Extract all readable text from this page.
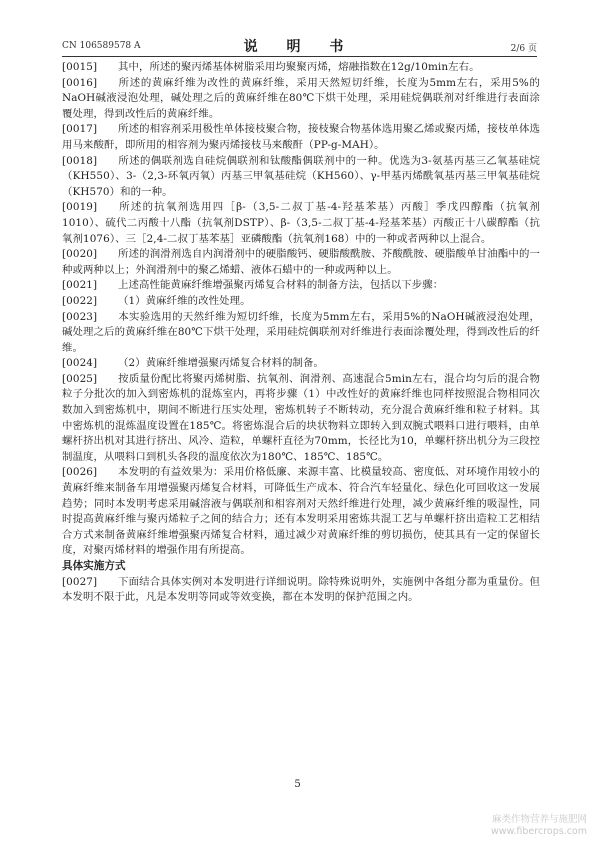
CN 106589578 A	说 明 书	2/6 页

[0015] 其中，所述的聚丙烯基体树脂采用均聚聚丙烯，熔融指数在12g/10min左右。

[0016] 所述的黄麻纤维为改性的黄麻纤维，采用天然短切纤维，长度为5mm左右，采用5%的NaOH碱液浸泡处理，碱处理之后的黄麻纤维在80℃下烘干处理，采用硅烷偶联剂对纤维进行表面涂覆处理，得到改性后的黄麻纤维。

[0017] 所述的相容剂采用极性单体接枝聚合物，接枝聚合物基体选用聚乙烯或聚丙烯，接枝单体选用马来酸酐，即所用的相容剂为聚丙烯接枝马来酸酐（PP-g-MAH）。

[0018] 所述的偶联剂选自硅烷偶联剂和钛酸酯偶联剂中的一种。优选为3-氨基丙基三乙氧基硅烷（KH550）、3-（2,3-环氧丙氧）丙基三甲氧基硅烷（KH560）、γ-甲基丙烯酰氧基丙基三甲氧基硅烷（KH570）和的一种。

[0019] 所述的抗氧剂选用四［β-（3,5-二叔丁基-4-羟基苯基）丙酸］季戊四醇酯（抗氧剂1010）、硫代二丙酸十八酯（抗氧剂DSTP）、β-（3,5-二叔丁基-4-羟基苯基）丙酸正十八碳醇酯（抗氧剂1076）、三［2,4-二叔丁基苯基］亚磷酸酯（抗氧剂168）中的一种或者两种以上混合。

[0020] 所述的润滑剂选自内润滑剂中的硬脂酸钙、硬脂酸酰胺、芥酸酰胺、硬脂酸单甘油酯中的一种或两种以上；外润滑剂中的聚乙烯蜡、液体石蜡中的一种或两种以上。

[0021] 上述高性能黄麻纤维增强聚丙烯复合材料的制备方法，包括以下步骤：

[0022] （1）黄麻纤维的改性处理。

[0023] 本实验选用的天然纤维为短切纤维，长度为5mm左右，采用5%的NaOH碱液浸泡处理，碱处理之后的黄麻纤维在80℃下烘干处理，采用硅烷偶联剂对纤维进行表面涂覆处理，得到改性后的纤维。

[0024] （2）黄麻纤维增强聚丙烯复合材料的制备。

[0025] 按质量份配比将聚丙烯树脂、抗氧剂、润滑剂、高速混合5min左右，混合均匀后的混合物粒子分批次的加入到密炼机的混炼室内，再将步骤（1）中改性好的黄麻纤维也同样按照混合物相同次数加入到密炼机中，期间不断进行压实处理，密炼机转子不断转动，充分混合黄麻纤维和粒子材料。其中密炼机的混炼温度设置在185℃。将密炼混合后的块状物料立即转入到双腕式喂料口进行喂料，由单螺杆挤出机对其进行挤出、风冷、造粒，单螺杆直径为70mm，长径比为10，单螺杆挤出机分为三段控制温度，从喂料口到机头各段的温度依次为180℃、185℃、185℃。

[0026] 本发明的有益效果为：采用价格低廉、来源丰富、比模量较高、密度低、对环境作用较小的黄麻纤维来制备车用增强聚丙烯复合材料，可降低生产成本、符合汽车轻量化、绿色化可回收这一发展趋势；同时本发明考虑采用碱溶液与偶联剂和相容剂对天然纤维进行处理，减少黄麻纤维的吸湿性，同时提高黄麻纤维与聚丙烯粒子之间的结合力；还有本发明采用密炼共混工艺与单螺杆挤出造粒工艺相结合方式来制备黄麻纤维增强聚丙烯复合材料，通过减少对黄麻纤维的剪切损伤，使其具有一定的保留长度，对聚丙烯材料的增强作用有所提高。

具体实施方式

[0027] 下面结合具体实例对本发明进行详细说明。除特殊说明外，实施例中各组分都为重量份。但本发明不限于此，凡是本发明等同或等效变换，都在本发明的保护范围之内。

5
麻类作物营养与施肥网
www.fibercrops.com
